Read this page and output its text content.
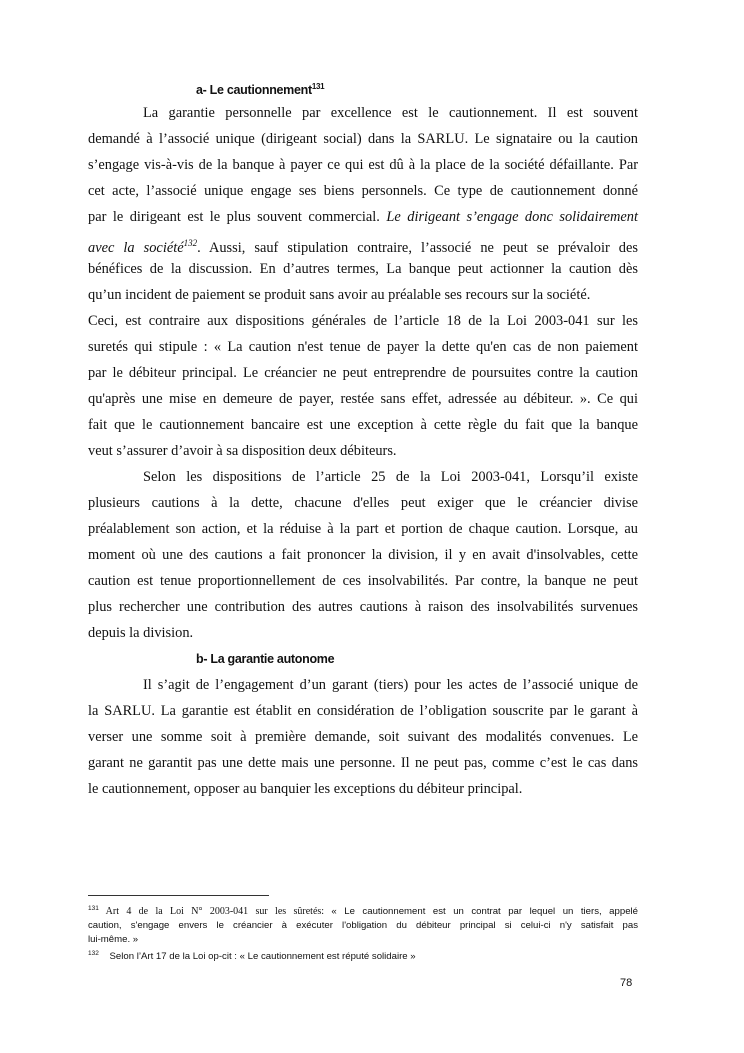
a- Le cautionnement$^{131}$
La garantie personnelle par excellence est le cautionnement. Il est souvent
demandé à l’associé unique (dirigeant social) dans la SARLU. Le signataire ou la caution
s’engage vis-à-vis de la banque à payer ce qui est dû à la place de la société défaillante. Par
cet acte, l’associé unique engage ses biens personnels. Ce type de cautionnement donné
par le dirigeant est le plus souvent commercial. Le dirigeant s’engage donc solidairement
avec la société$^{132}$. Aussi, sauf stipulation contraire, l’associé ne peut se prévaloir des
bénéfices de la discussion. En d’autres termes, La banque peut actionner la caution dès
qu’un incident de paiement se produit sans avoir au préalable ses recours sur la société.
Ceci, est contraire aux dispositions générales de l’article 18 de la Loi 2003-041 sur les
suretés qui stipule : « La caution n'est tenue de payer la dette qu'en cas de non paiement
par le débiteur principal. Le créancier ne peut entreprendre de poursuites contre la caution
qu'après une mise en demeure de payer, restée sans effet, adressée au débiteur. ». Ce qui
fait que le cautionnement bancaire est une exception à cette règle du fait que la banque
veut s’assurer d’avoir à sa disposition deux débiteurs.
Selon les dispositions de l’article 25 de la Loi 2003-041, Lorsqu’il existe
plusieurs cautions à la dette, chacune d'elles peut exiger que le créancier divise
préalablement son action, et la réduise à la part et portion de chaque caution. Lorsque, au
moment où une des cautions a fait prononcer la division, il y en avait d'insolvables, cette
caution est tenue proportionnellement de ces insolvabilités. Par contre, la banque ne peut
plus rechercher une contribution des autres cautions à raison des insolvabilités survenues
depuis la division.
b- La garantie autonome
Il s’agit de l’engagement d’un garant (tiers) pour les actes de l’associé unique de
la SARLU. La garantie est établit en considération de l’obligation souscrite par le garant à
verser une somme soit à première demande, soit suivant des modalités convenues. Le
garant ne garantit pas une dette mais une personne. Il ne peut pas, comme c’est le cas dans
le cautionnement, opposer au banquier les exceptions du débiteur principal.
$^{131}$ Art 4 de la Loi N° 2003-041 sur les sûretés: « Le cautionnement est un contrat par lequel un tiers, appelé
caution, s'engage envers le créancier à exécuter l'obligation du débiteur principal si celui-ci n'y satisfait pas
lui-même. »
$^{132}$    Selon l’Art 17 de la Loi op-cit : « Le cautionnement est réputé solidaire »
78
